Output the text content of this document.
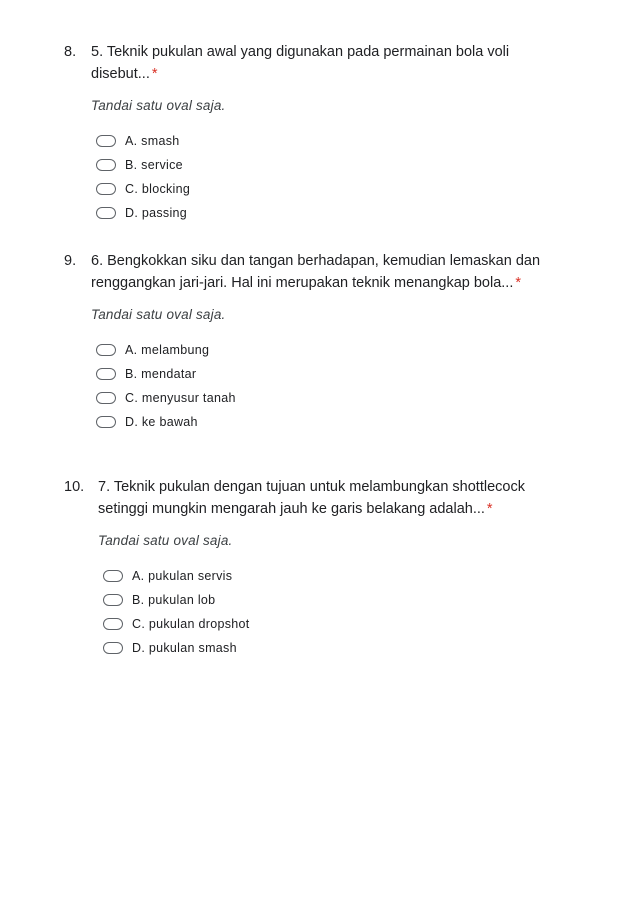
8. 5. Teknik pukulan awal yang digunakan pada permainan bola voli disebut... *

Tandai satu oval saja.
A. smash
B. service
C. blocking
D. passing
9. 6. Bengkokkan siku dan tangan berhadapan, kemudian lemaskan dan renggangkan jari-jari. Hal ini merupakan teknik menangkap bola... *

Tandai satu oval saja.
A. melambung
B. mendatar
C. menyusur tanah
D. ke bawah
10. 7. Teknik pukulan dengan tujuan untuk melambungkan shottlecock setinggi mungkin mengarah jauh ke garis belakang adalah... *

Tandai satu oval saja.
A. pukulan servis
B. pukulan lob
C. pukulan dropshot
D. pukulan smash
